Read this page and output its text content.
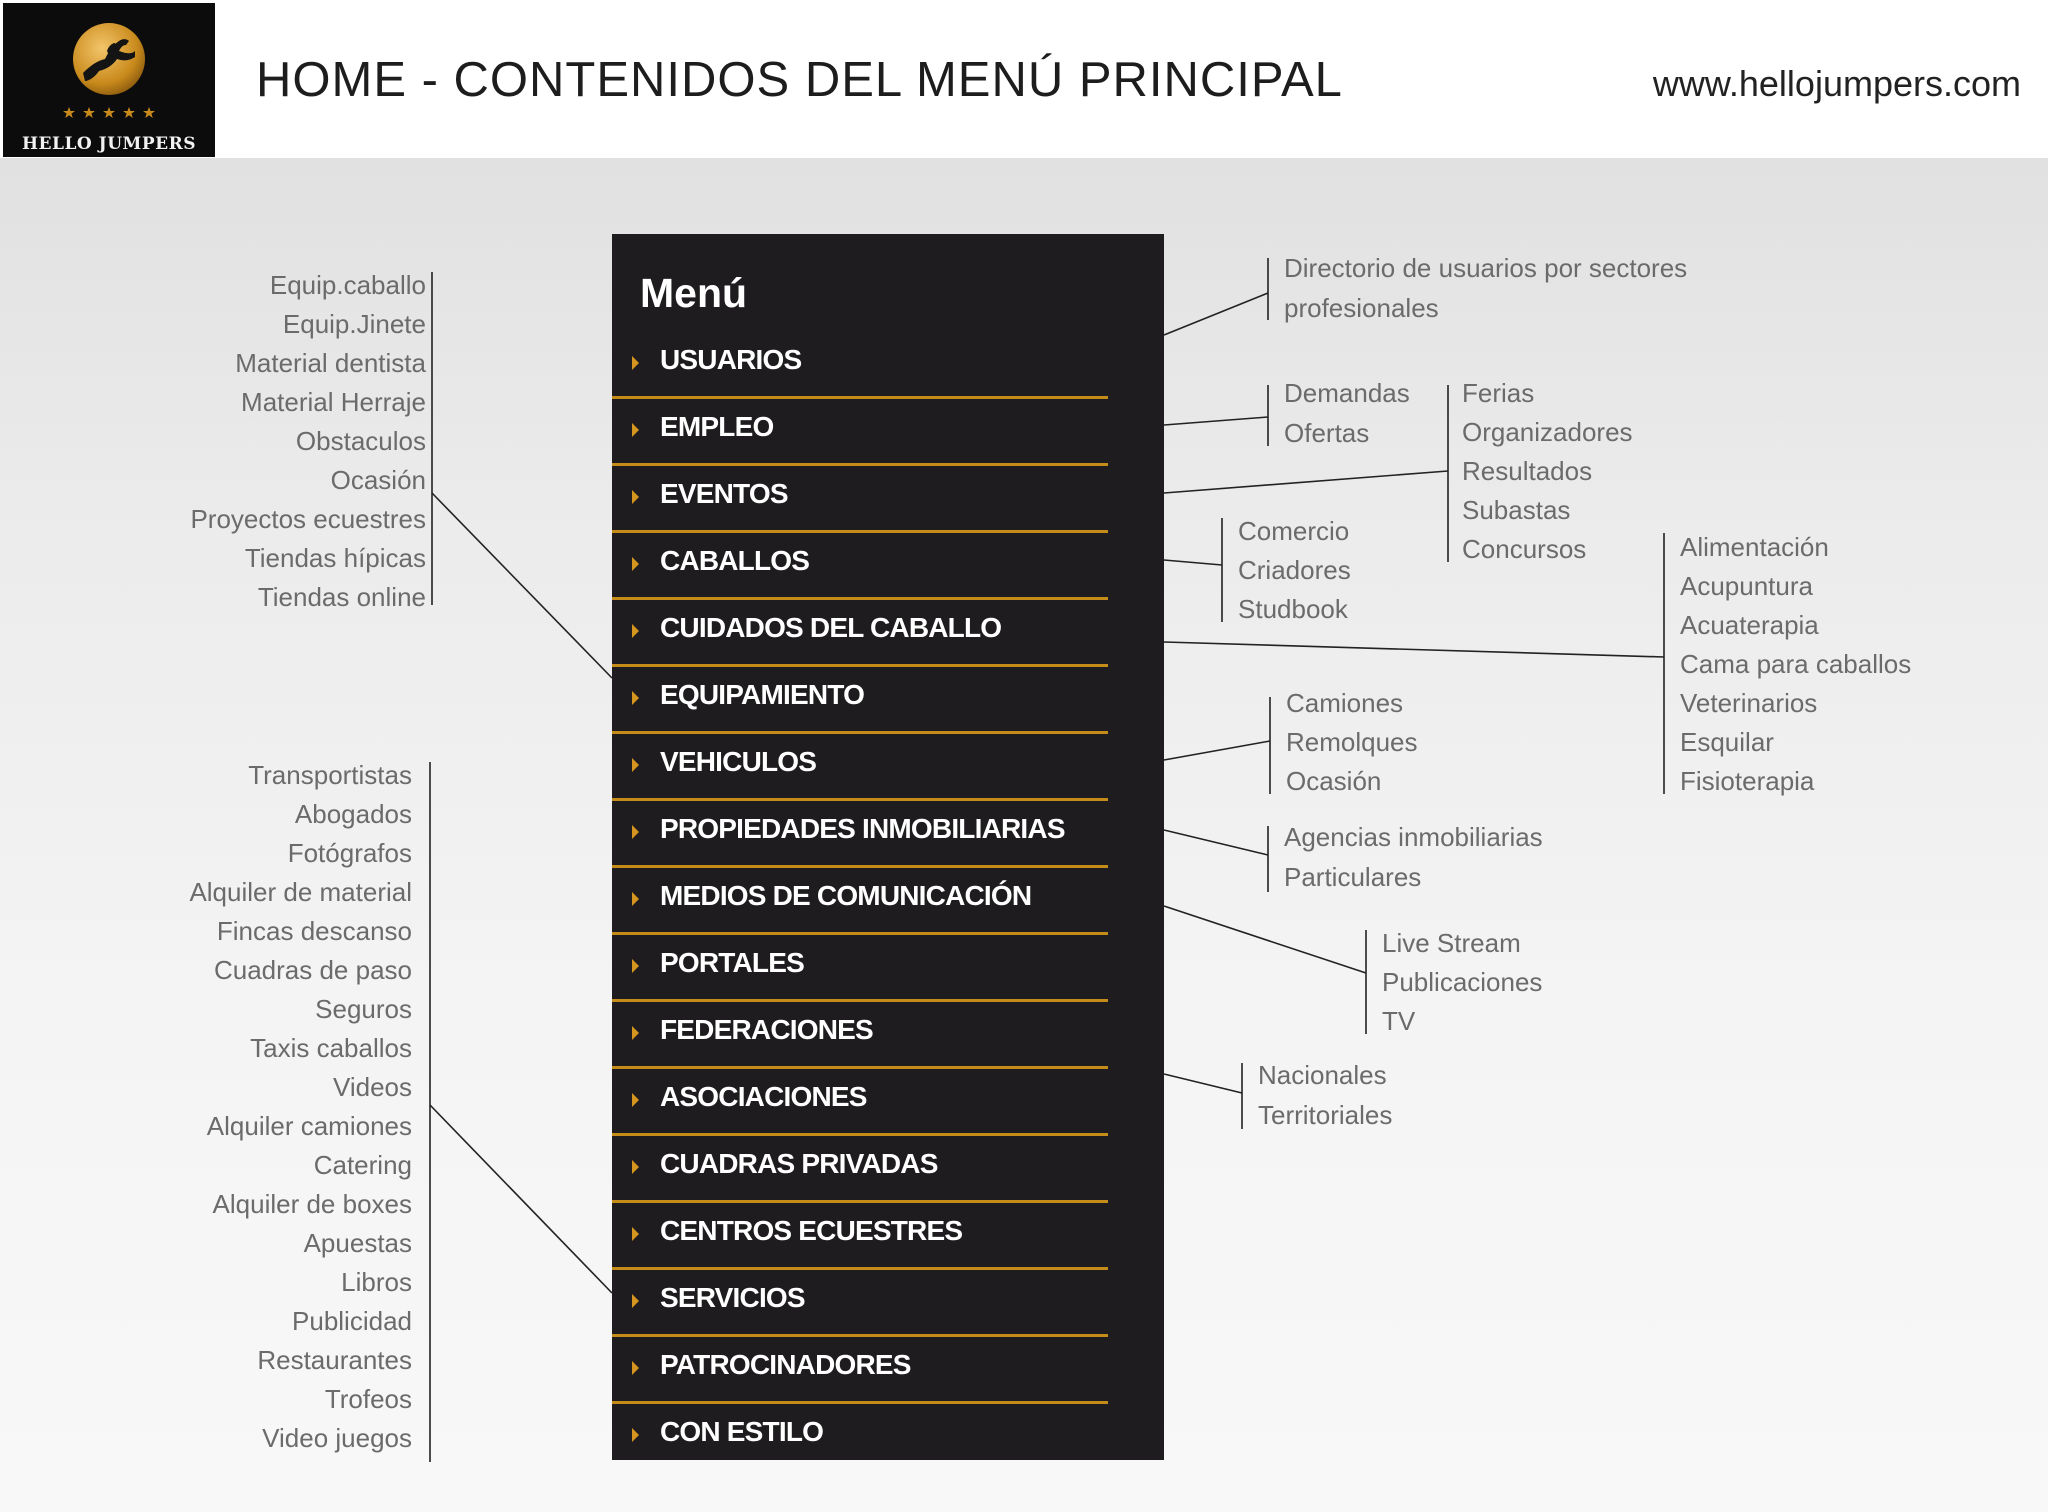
HELLO JUMPERS
HOME - CONTENIDOS DEL MENÚ PRINCIPAL	www.hellojumpers.com
Menú
USUARIOS
EMPLEO
EVENTOS
CABALLOS
CUIDADOS DEL CABALLO
EQUIPAMIENTO
VEHICULOS
PROPIEDADES INMOBILIARIAS
MEDIOS DE COMUNICACIÓN
PORTALES
FEDERACIONES
ASOCIACIONES
CUADRAS PRIVADAS
CENTROS ECUESTRES
SERVICIOS
PATROCINADORES
CON ESTILO
Equip.caballo
Equip.Jinete
Material dentista
Material Herraje
Obstaculos
Ocasión
Proyectos ecuestres
Tiendas hípicas
Tiendas online
Transportistas
Abogados
Fotógrafos
Alquiler de material
Fincas descanso
Cuadras de paso
Seguros
Taxis caballos
Videos
Alquiler camiones
Catering
Alquiler de boxes
Apuestas
Libros
Publicidad
Restaurantes
Trofeos
Video juegos
Directorio de usuarios por sectores
profesionales
Demandas
Ofertas
Ferias
Organizadores
Resultados
Subastas
Concursos
Comercio
Criadores
Studbook
Alimentación
Acupuntura
Acuaterapia
Cama para caballos
Veterinarios
Esquilar
Fisioterapia
Camiones
Remolques
Ocasión
Agencias inmobiliarias
Particulares
Live Stream
Publicaciones
TV
Nacionales
Territoriales
